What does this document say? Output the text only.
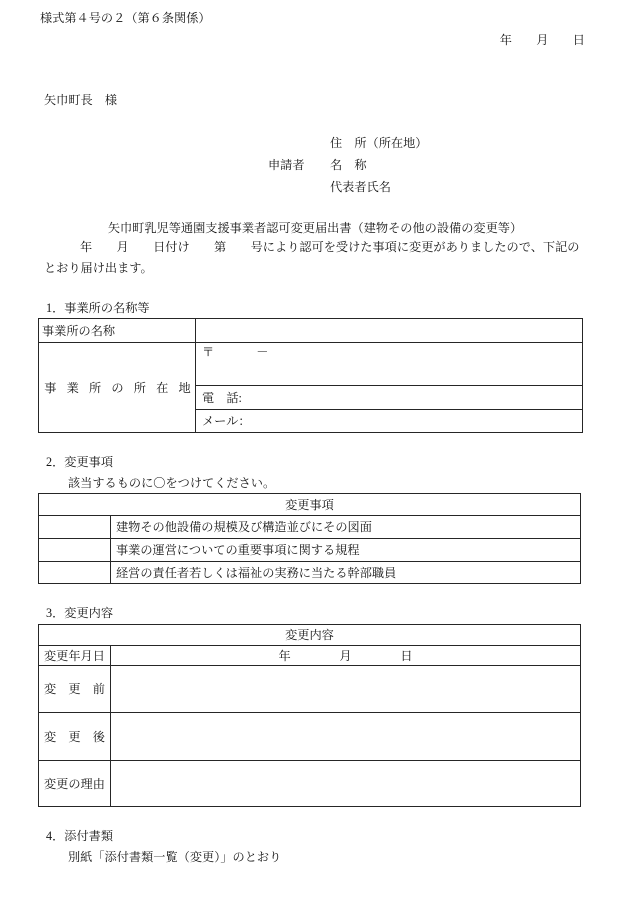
様式第４号の２（第６条関係）
年　　月　　日
矢巾町長　様
住　所（所在地）
申請者 名　称
代表者氏名
矢巾町乳児等通園支援事業者認可変更届出書（建物その他の設備の変更等）
年　　月　　日付け　　第　　号により認可を受けた事項に変更がありましたので、下記の
とおり届け出ます。
1．事業所の名称等
事業所の名称
事　業　所　の　所　在　地
〒	－
電　話:
メール：
2．変更事項
該当するものに〇をつけてください。
変更事項
建物その他設備の規模及び構造並びにその図面
事業の運営についての重要事項に関する規程
経営の責任者若しくは福祉の実務に当たる幹部職員
3．変更内容
変更内容
変更年月日	年　　　　月　　　　日
変　更　前
変　更　後
変更の理由
4．添付書類
別紙「添付書類一覧（変更）」のとおり
